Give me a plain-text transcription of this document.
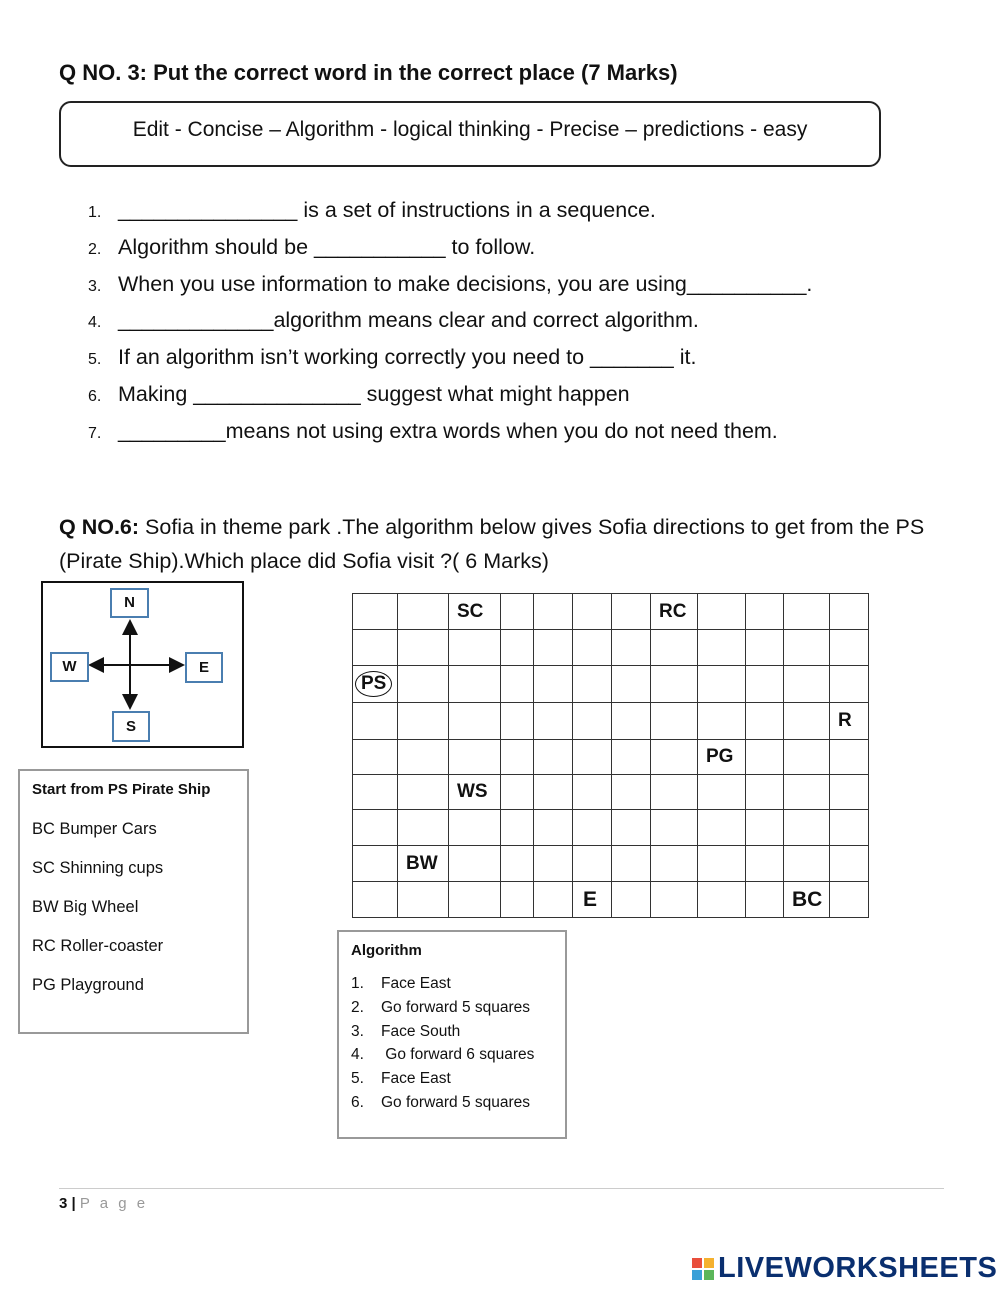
Q NO. 3: Put the correct word in the correct place (7 Marks)
Edit - Concise – Algorithm - logical thinking - Precise – predictions - easy
1. _______________ is a set of instructions in a sequence.
2. Algorithm should be ___________ to follow.
3. When you use information to make decisions, you are using__________.
4. _____________algorithm means clear and correct algorithm.
5. If an algorithm isn’t working correctly you need to _______ it.
6. Making ______________ suggest what might happen
7. _________means not using extra words when you do not need them.
Q NO.6: Sofia in theme park .The algorithm below gives Sofia directions to get from the PS (Pirate Ship).Which place did Sofia visit ?( 6 Marks)
N
S
E
W
Start from PS Pirate Ship
BC Bumper Cars
SC Shinning cups
BW Big Wheel
RC Roller-coaster
PG Playground
		SC					RC				

PS											
											R
								PG			
		WS									

	BW										
					E					BC	
Algorithm
1.	Face East
2.	Go forward 5 squares
3.	Face South
4.	Go forward 6 squares
5.	Face East
6.	Go forward 5 squares
3 | P a g e
LIVEWORKSHEETS
